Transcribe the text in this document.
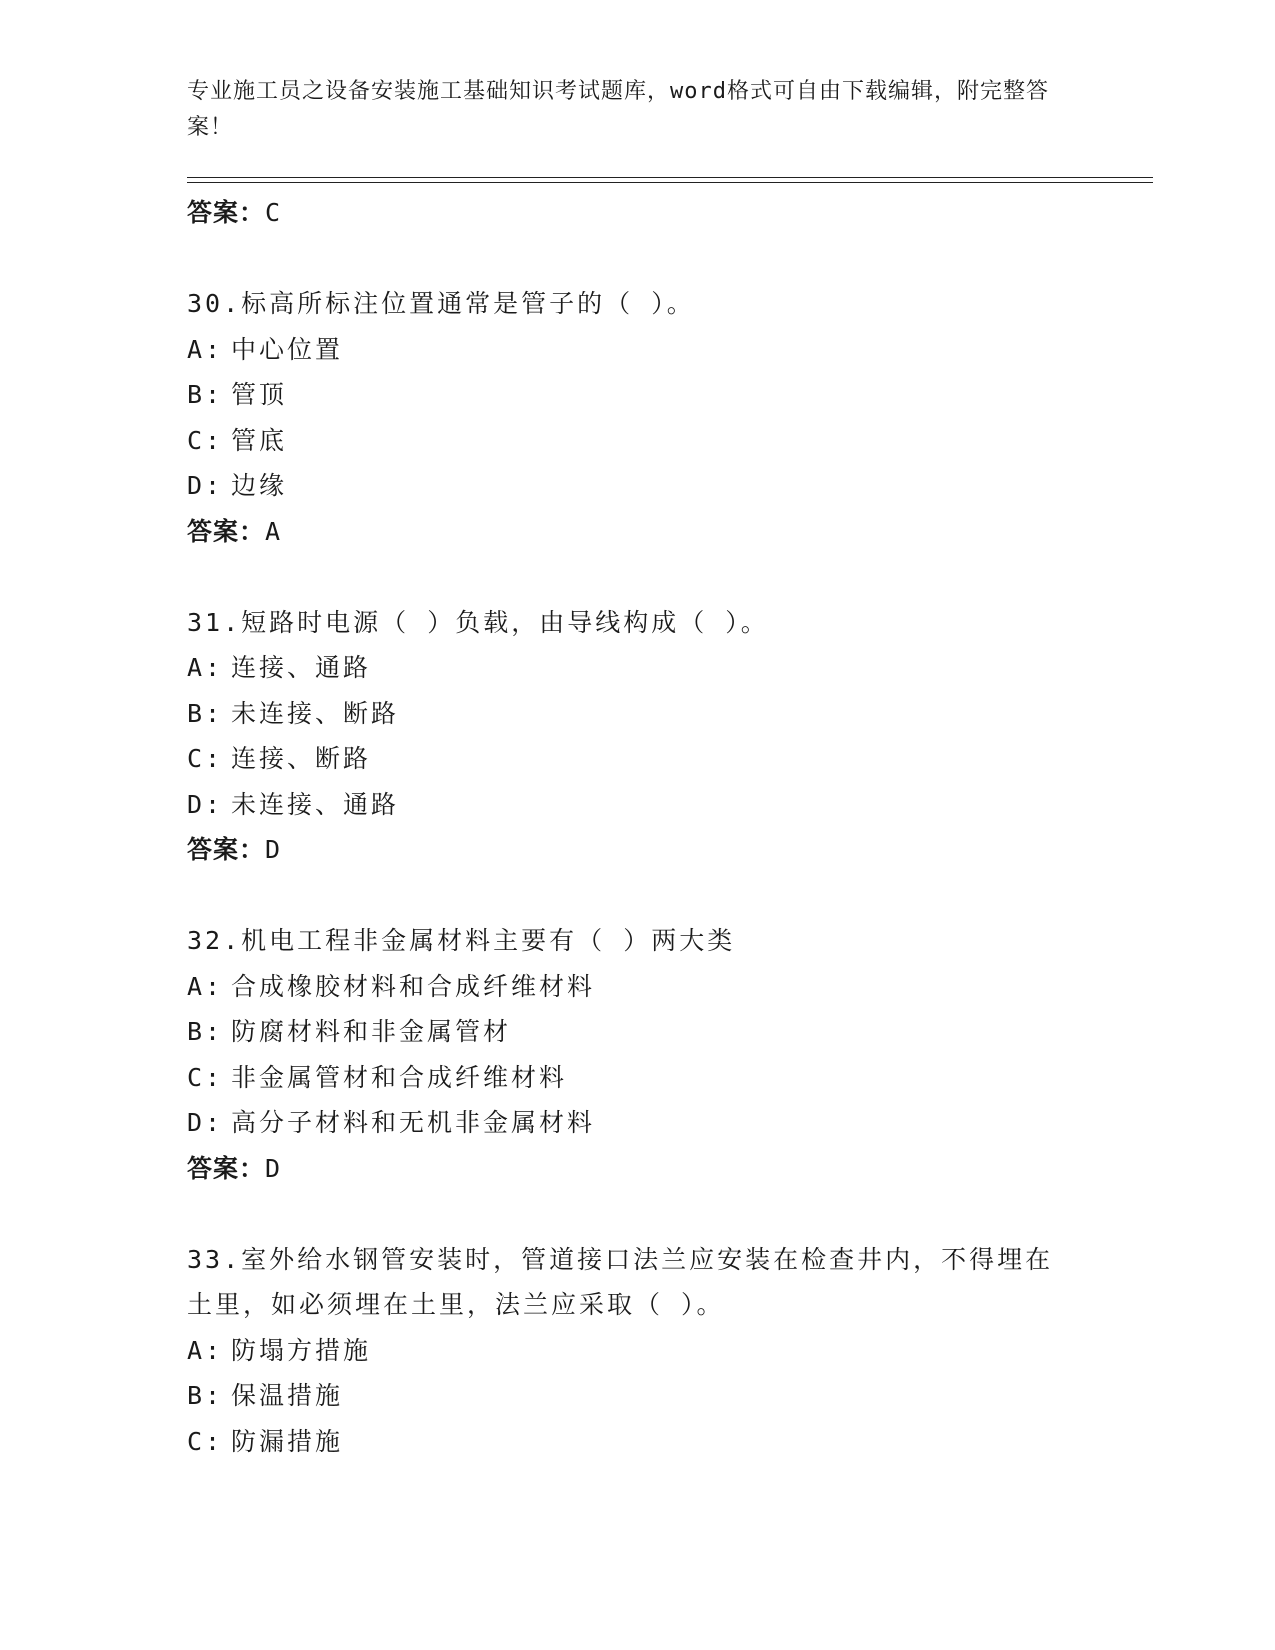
专业施工员之设备安装施工基础知识考试题库，word格式可自由下载编辑，附完整答案！
答案：C
30.标高所标注位置通常是管子的（ ）。
A: 中心位置
B: 管顶
C: 管底
D: 边缘
答案：A
31.短路时电源（ ）负载，由导线构成（ ）。
A: 连接、通路
B: 未连接、断路
C: 连接、断路
D: 未连接、通路
答案：D
32.机电工程非金属材料主要有（ ）两大类
A: 合成橡胶材料和合成纤维材料
B: 防腐材料和非金属管材
C: 非金属管材和合成纤维材料
D: 高分子材料和无机非金属材料
答案：D
33.室外给水钢管安装时，管道接口法兰应安装在检查井内，不得埋在土里，如必须埋在土里，法兰应采取（ ）。
A: 防塌方措施
B: 保温措施
C: 防漏措施
